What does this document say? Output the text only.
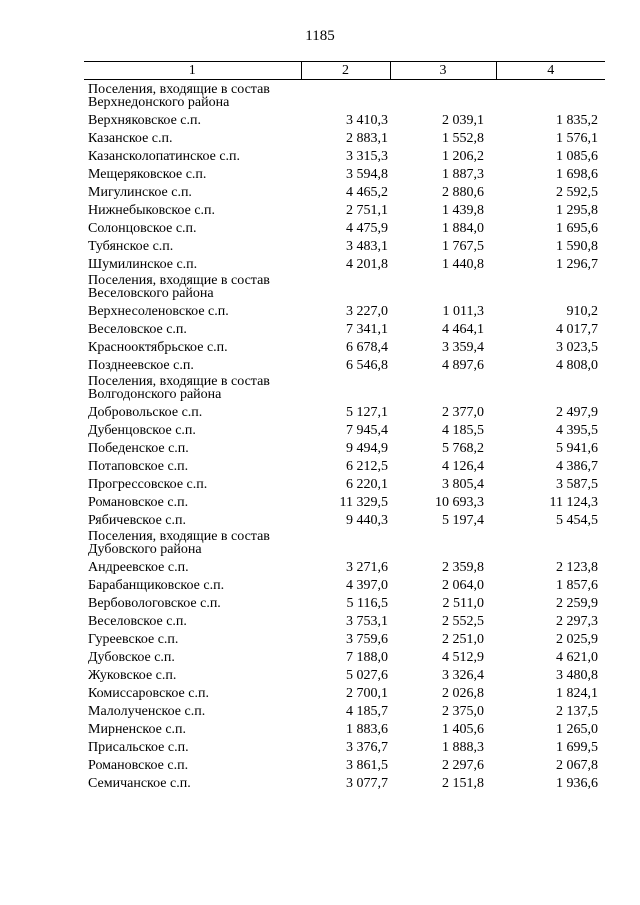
1185
1	2	3	4

Поселения, входящие в состав Верхнедонского района			

Верхняковское с.п.	3 410,3	2 039,1	1 835,2
Казанское с.п.	2 883,1	1 552,8	1 576,1
Казансколопатинское с.п.	3 315,3	1 206,2	1 085,6
Мещеряковское с.п.	3 594,8	1 887,3	1 698,6
Мигулинское с.п.	4 465,2	2 880,6	2 592,5
Нижнебыковское с.п.	2 751,1	1 439,8	1 295,8
Солонцовское с.п.	4 475,9	1 884,0	1 695,6
Тубянское с.п.	3 483,1	1 767,5	1 590,8
Шумилинское с.п.	4 201,8	1 440,8	1 296,7

Поселения, входящие в состав Веселовского района			

Верхнесоленовское с.п.	3 227,0	1 011,3	910,2
Веселовское с.п.	7 341,1	4 464,1	4 017,7
Краснооктябрьское с.п.	6 678,4	3 359,4	3 023,5
Позднеевское с.п.	6 546,8	4 897,6	4 808,0

Поселения, входящие в состав Волгодонского района			

Добровольское с.п.	5 127,1	2 377,0	2 497,9
Дубенцовское с.п.	7 945,4	4 185,5	4 395,5
Победенское с.п.	9 494,9	5 768,2	5 941,6
Потаповское с.п.	6 212,5	4 126,4	4 386,7
Прогрессовское с.п.	6 220,1	3 805,4	3 587,5
Романовское с.п.	11 329,5	10 693,3	11 124,3
Рябичевское с.п.	9 440,3	5 197,4	5 454,5

Поселения, входящие в состав Дубовского района			

Андреевское с.п.	3 271,6	2 359,8	2 123,8
Барабанщиковское с.п.	4 397,0	2 064,0	1 857,6
Вербовологовское с.п.	5 116,5	2 511,0	2 259,9
Веселовское с.п.	3 753,1	2 552,5	2 297,3
Гуреевское с.п.	3 759,6	2 251,0	2 025,9
Дубовское с.п.	7 188,0	4 512,9	4 621,0
Жуковское с.п.	5 027,6	3 326,4	3 480,8
Комиссаровское с.п.	2 700,1	2 026,8	1 824,1
Малолученское с.п.	4 185,7	2 375,0	2 137,5
Мирненское с.п.	1 883,6	1 405,6	1 265,0
Присальское с.п.	3 376,7	1 888,3	1 699,5
Романовское с.п.	3 861,5	2 297,6	2 067,8
Семичанское с.п.	3 077,7	2 151,8	1 936,6
